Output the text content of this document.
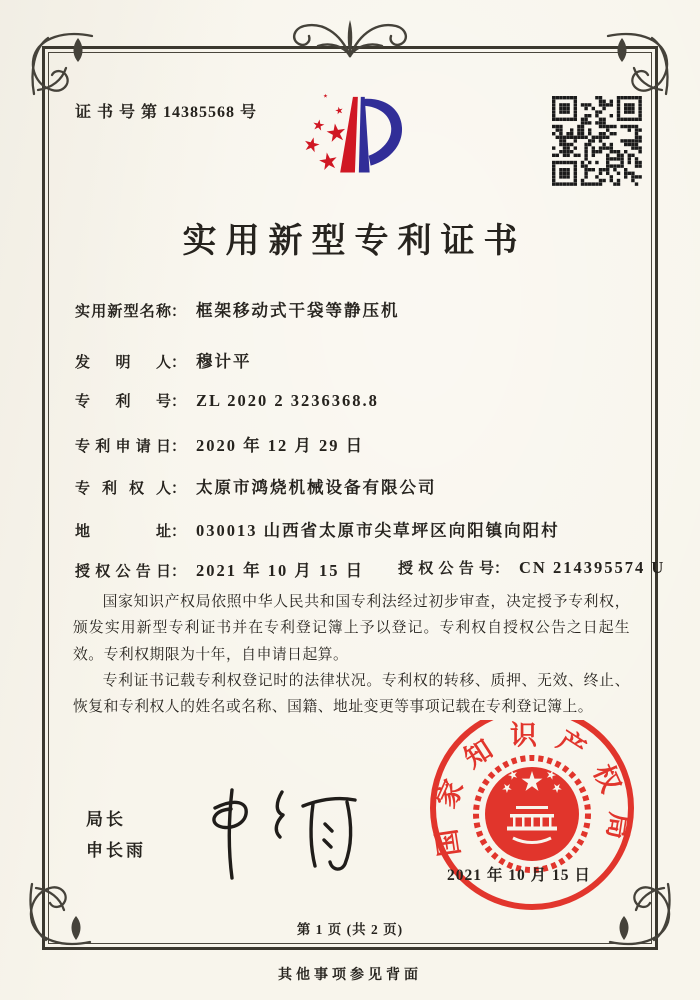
证 书 号 第 14385568 号
实用新型专利证书
实用新型名称： 框架移动式干袋等静压机
发明人： 穆计平
专利号： ZL 2020 2 3236368.8
专利申请日： 2020 年 12 月 29 日
专利权人： 太原市鸿烧机械设备有限公司
地址： 030013 山西省太原市尖草坪区向阳镇向阳村
授权公告日： 2021 年 10 月 15 日 授权公告号： CN 214395574 U

国家知识产权局依照中华人民共和国专利法经过初步审查，决定授予专利权，颁发实用新型专利证书并在专利登记簿上予以登记。专利权自授权公告之日起生效。专利权期限为十年，自申请日起算。

专利证书记载专利权登记时的法律状况。专利权的转移、质押、无效、终止、恢复和专利权人的姓名或名称、国籍、地址变更等事项记载在专利登记簿上。

局长
申长雨	国家知识产权局
2021 年 10 月 15 日
第 1 页 (共 2 页)
其他事项参见背面
